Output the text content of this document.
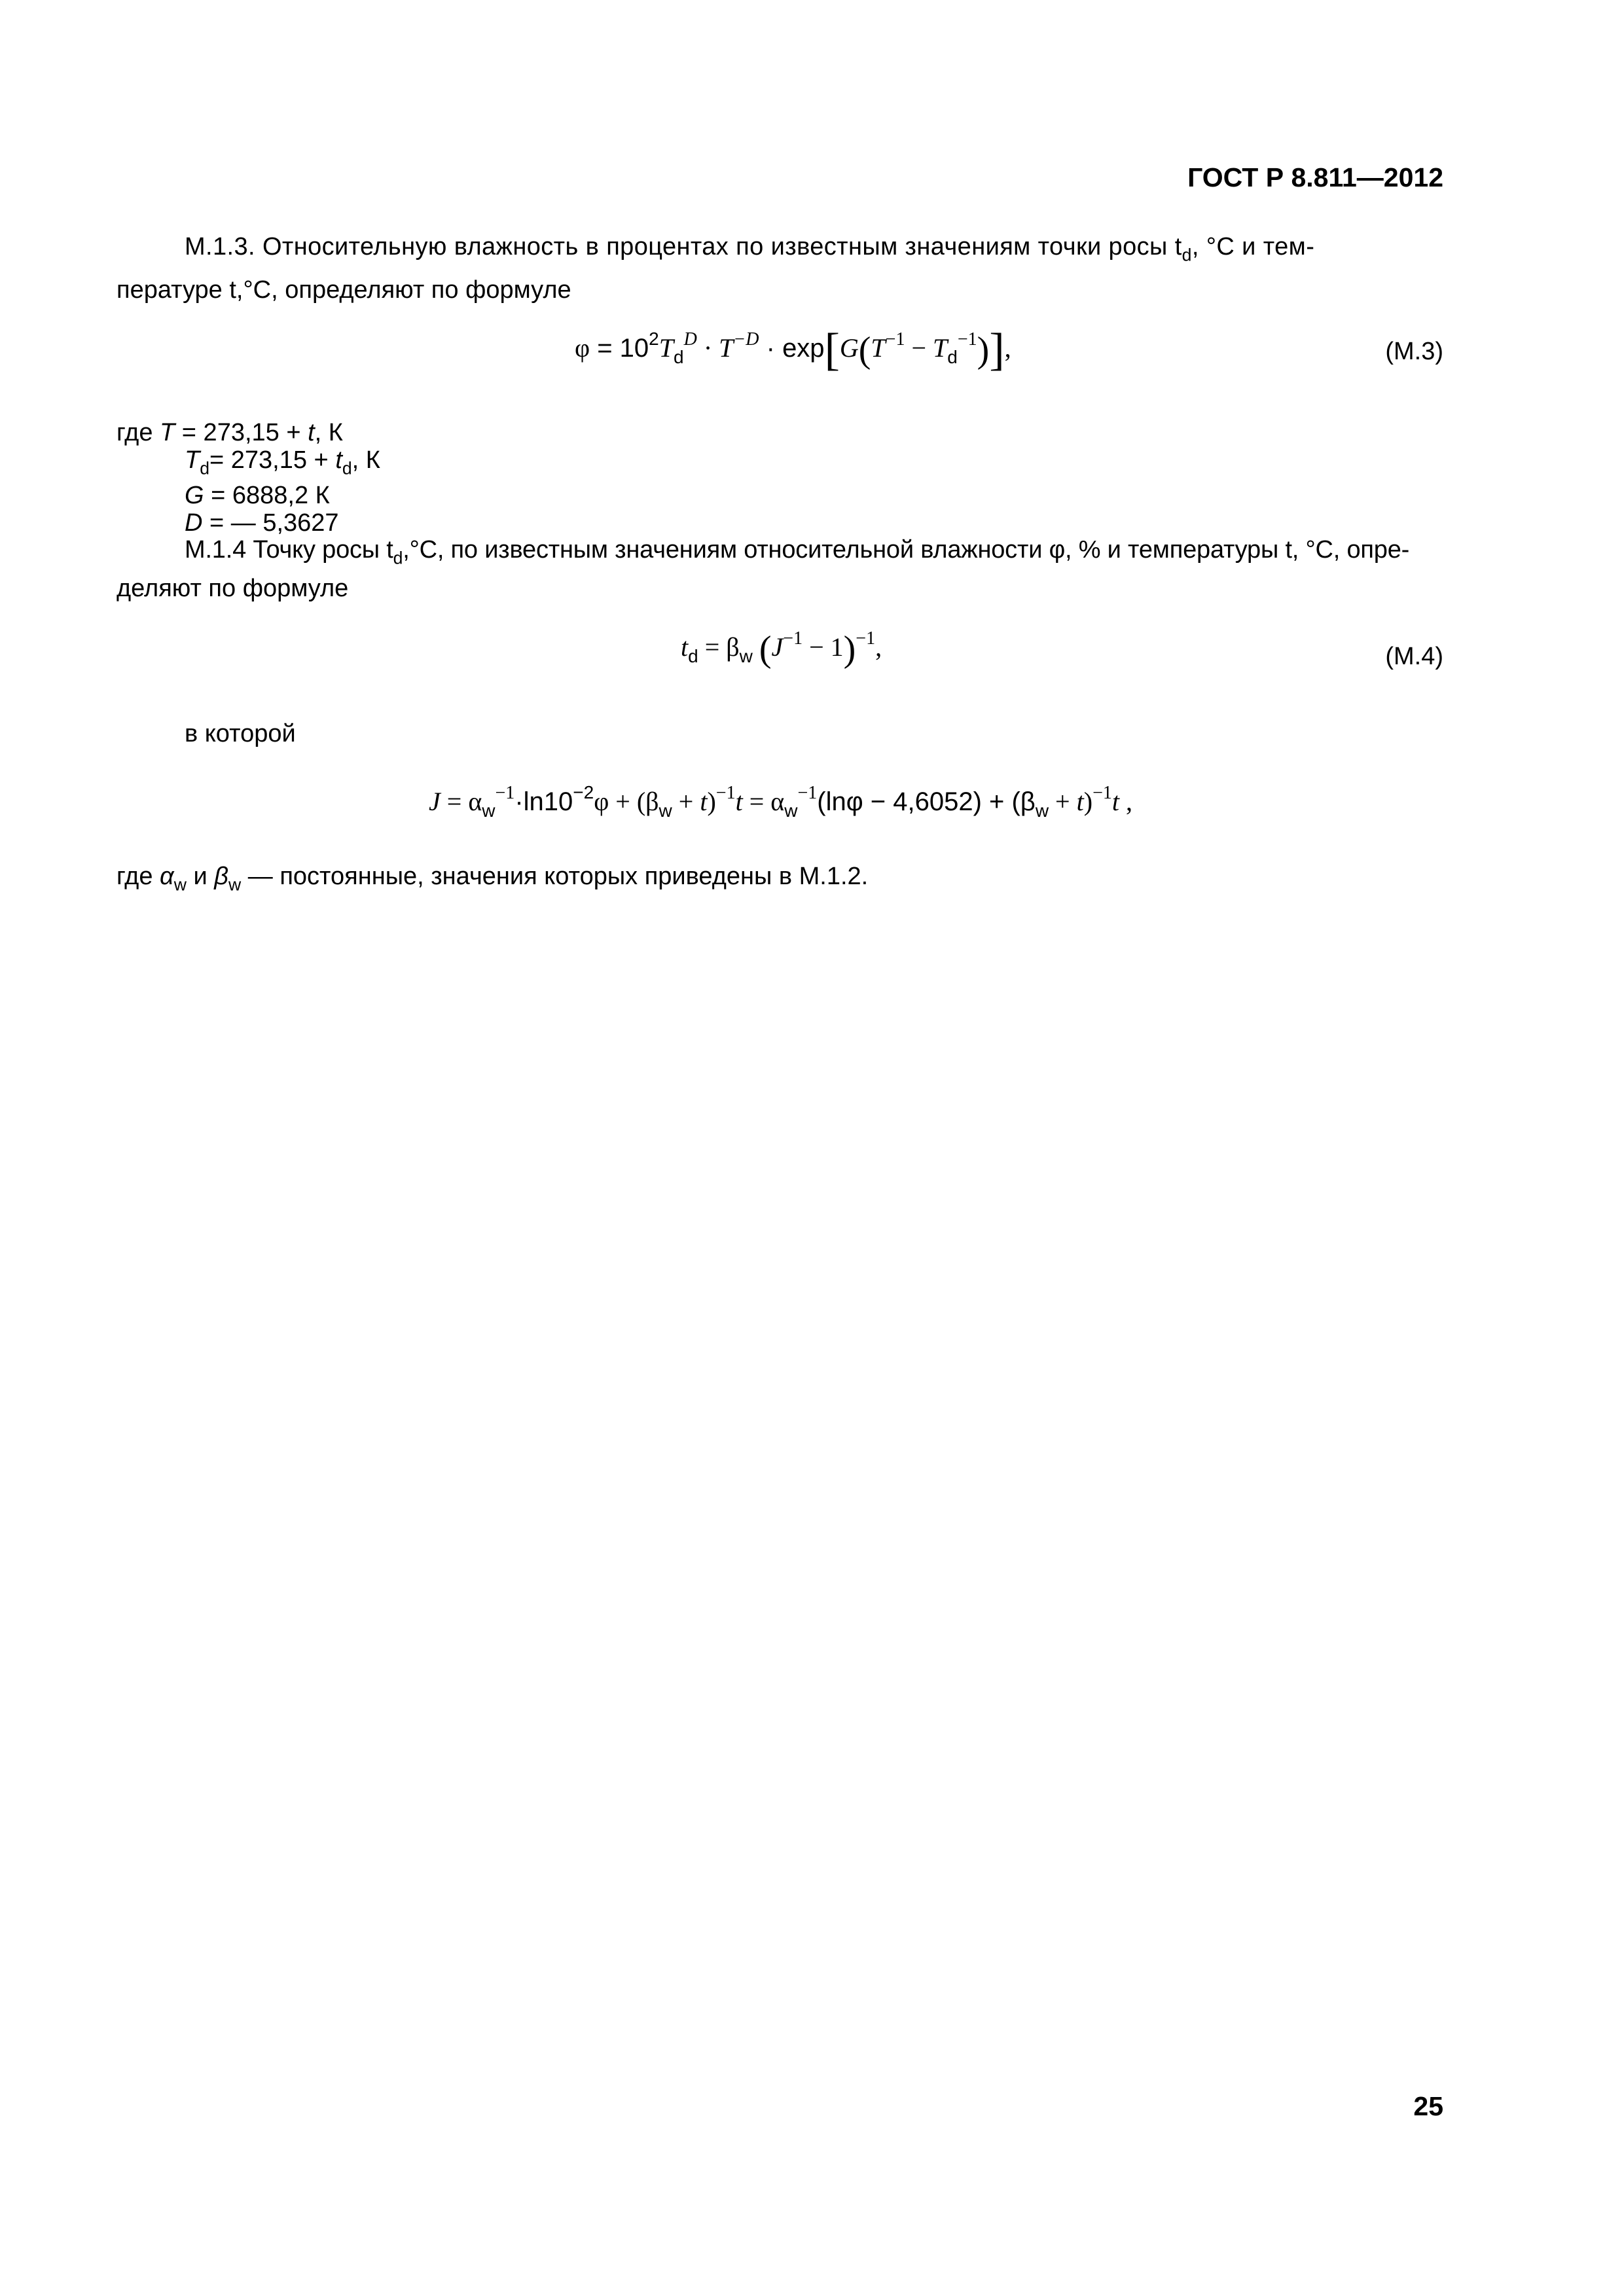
ГОСТ Р 8.811—2012
М.1.3. Относительную влажность в процентах по известным значениям точки росы $t_d$, °С и тем-
пературе t,°С, определяют по формуле
$\varphi = 10^2T_d^D \cdot T^{-D} \cdot \exp[G(T^{-1} - T_d^{-1})]$,	(M.3)
где T = 273,15 + t, К
$T_d= 273,15 + t_d$, К
G = 6888,2 К
D = — 5,3627
М.1.4 Точку росы $t_d,^\circ С$, по известным значениям относительной влажности φ, % и температуры t, °С, опре-
деляют по формуле
$t_d = \beta_w$ $(J^{-1} - 1)^{-1}$,	(M.4)
в которой
$J = \alpha_w^{-1}\cdot\ln 10^{-2}\varphi + (\beta_w + t)^{-1}t = \alpha_w^{-1}(\ln\varphi - 4,6052) + (\beta_w + t)^{-1}t$ ,
где $\alpha_w$ и $\beta_w$ — постоянные, значения которых приведены в М.1.2.
25
